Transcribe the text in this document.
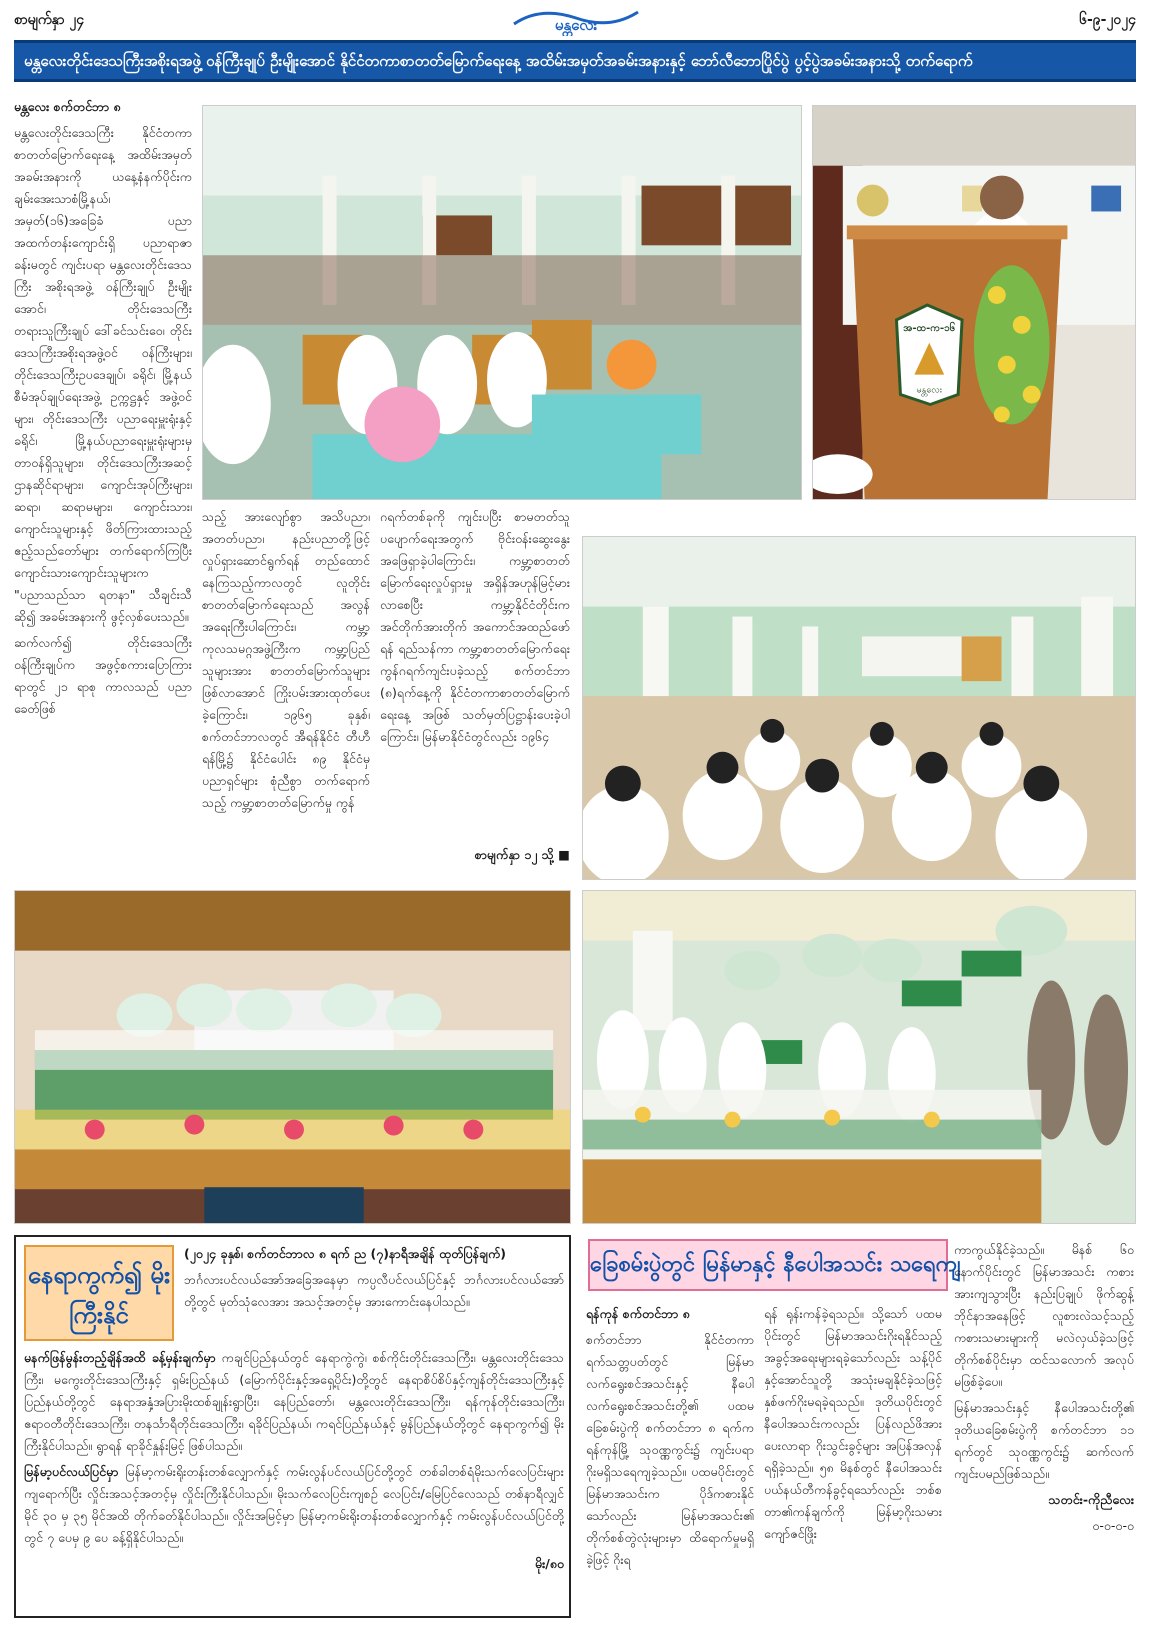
စာမျက်နှာ ၂၄	မန္တလေး	၆-၉-၂၀၂၄
မန္တလေးတိုင်းဒေသကြီးအစိုးရအဖွဲ့ ဝန်ကြီးချုပ် ဦးမျိုးအောင် နိုင်ငံတကာစာတတ်မြောက်ရေးနေ့ အထိမ်းအမှတ်အခမ်းအနားနှင့် ဘော်လီဘောပြိုင်ပွဲ ပွင့်ပွဲအခမ်းအနားသို့ တက်ရောက်

မန္တလေး စက်တင်ဘာ ၈

မန္တလေးတိုင်းဒေသကြီး နိုင်ငံတကာစာတတ်မြောက်ရေးနေ့ အထိမ်းအမှတ် အခမ်းအနားကို ယနေ့နံနက်ပိုင်းက ချမ်းအေးသာစံမြို့နယ်၊ အမှတ်(၁၆)အခြေခံ ပညာအထက်တန်းကျောင်းရှိ ပညာရာဇာခန်းမတွင် ကျင်းပရာ မန္တလေးတိုင်းဒေသကြီး အစိုးရအဖွဲ့ ဝန်ကြီးချုပ် ဦးမျိုးအောင်၊ တိုင်းဒေသကြီး တရားသူကြီးချုပ် ဒေါ်ခင်သင်းဝေ၊ တိုင်းဒေသကြီးအစိုးရအဖွဲ့ဝင် ဝန်ကြီးများ၊ တိုင်းဒေသကြီးဥပဒေချုပ်၊ ခရိုင်၊ မြို့နယ်စီမံအုပ်ချုပ်ရေးအဖွဲ့ ဥက္ကဋ္ဌနှင့် အဖွဲ့ဝင်များ၊ တိုင်းဒေသကြီး ပညာရေးမှူးရုံးနှင့် ခရိုင်၊ မြို့နယ်ပညာရေးမှူးရုံးများမှ တာဝန်ရှိသူများ၊ တိုင်းဒေသကြီးအဆင့် ဌာနဆိုင်ရာများ၊ ကျောင်းအုပ်ကြီးများ၊ ဆရာ၊ ဆရာမများ၊ ကျောင်းသား၊ ကျောင်းသူများနှင့် ဖိတ်ကြားထားသည့် ဧည့်သည်တော်များ တက်ရောက်ကြပြီး ကျောင်းသားကျောင်းသူများက "ပညာသည်သာ ရတနာ" သီချင်းသီဆို၍ အခမ်းအနားကို ဖွင့်လှစ်ပေးသည်။

ဆက်လက်၍ တိုင်းဒေသကြီး ဝန်ကြီးချုပ်က အဖွင့်စကားပြောကြားရာတွင် ၂၁ ရာစု ကာလသည် ပညာခေတ်ဖြစ်

သည့် အားလျော်စွာ အသိပညာ၊ အတတ်ပညာ၊ နည်းပညာတို့ဖြင့် လှုပ်ရှားဆောင်ရွက်ရန် တည်ထောင်နေကြသည့်ကာလတွင် လူတိုင်း စာတတ်မြောက်ရေးသည် အလွန်အရေးကြီးပါကြောင်း၊ ကမ္ဘာ့ကုလသမဂ္ဂအဖွဲ့ကြီးက ကမ္ဘာ့ပြည်သူများအား စာတတ်မြောက်သူများဖြစ်လာအောင် ကြိုးပမ်းအားထုတ်ပေးခဲ့ကြောင်း၊ ၁၉၆၅ ခုနှစ်၊ စက်တင်ဘာလတွင် အီရန်နိုင်ငံ တီဟီရန်မြို့၌ နိုင်ငံပေါင်း ၈၉ နိုင်ငံမှ ပညာရှင်များ စုံညီစွာ တက်ရောက်သည့် ကမ္ဘာ့စာတတ်မြောက်မှု ကွန်

ဂရက်တစ်ခုကို ကျင်းပပြီး စာမတတ်သူ ပပျောက်ရေးအတွက် ဗိုင်းဝန်းဆွေးနွေး အဖြေရှာခဲ့ပါကြောင်း၊ ကမ္ဘာ့စာတတ်မြောက်ရေးလှုပ်ရှားမှု အရှိန်အဟုန်မြင့်မားလာစေပြီး ကမ္ဘာ့နိုင်ငံတိုင်းက အင်တိုက်အားတိုက် အကောင်အထည်ဖော်ရန် ရည်သန်ကာ ကမ္ဘာ့စာတတ်မြောက်ရေး ကွန်ဂရက်ကျင်းပခဲ့သည့် စက်တင်ဘာ (၈)ရက်နေ့ကို နိုင်ငံတကာစာတတ်မြောက်ရေးနေ့ အဖြစ် သတ်မှတ်ပြဋ္ဌာန်းပေးခဲ့ပါကြောင်း၊ မြန်မာနိုင်ငံတွင်လည်း ၁၉၆၄

စာမျက်နှာ ၁၂ သို့ ■

အ-ထ-က-၁၆
မန္တလေး
နေရာကွက်၍ မိုးကြီးနိုင်

(၂၀၂၄ ခုနှစ်၊ စက်တင်ဘာလ ၈ ရက် ည (၇)နာရီအချိန် ထုတ်ပြန်ချက်)

ဘင်္ဂလားပင်လယ်အော်အခြေအနေမှာ ကပ္ပလီပင်လယ်ပြင်နှင့် ဘင်္ဂလားပင်လယ်အော်တို့တွင် မုတ်သုံလေအား အသင့်အတင့်မှ အားကောင်းနေပါသည်။

မနက်ဖြန်မွန်းတည့်ချိန်အထိ ခန့်မှန်းချက်မှာ ကချင်ပြည်နယ်တွင် နေရာကွဲကွဲ၊ စစ်ကိုင်းတိုင်းဒေသကြီး၊ မန္တလေးတိုင်းဒေသကြီး၊ မကွေးတိုင်းဒေသကြီးနှင့် ရှမ်းပြည်နယ် (မြောက်ပိုင်းနှင့်အရှေ့ပိုင်း)တို့တွင် နေရာစိပ်စိပ်နှင့်ကျန်တိုင်းဒေသကြီးနှင့်ပြည်နယ်တို့တွင် နေရာအနှံ့အပြားမိုးထစ်ချုန်းရွာပြီး၊ နေပြည်တော်၊ မန္တလေးတိုင်းဒေသကြီး၊ ရန်ကုန်တိုင်းဒေသကြီး၊ ဧရာဝတီတိုင်းဒေသကြီး၊ တနင်္သာရီတိုင်းဒေသကြီး၊ ရခိုင်ပြည်နယ်၊ ကရင်ပြည်နယ်နှင့် မွန်ပြည်နယ်တို့တွင် နေရာကွက်၍ မိုးကြီးနိုင်ပါသည်။ ရွာရန် ရာခိုင်နှုန်းမြင့် ဖြစ်ပါသည်။

မြန်မာ့ပင်လယ်ပြင်မှာ မြန်မာ့ကမ်းရိုးတန်းတစ်လျှောက်နှင့် ကမ်းလွန်ပင်လယ်ပြင်တို့တွင် တစ်ခါတစ်ရံမိုးသက်လေပြင်းများ ကျရောက်ပြီး လှိုင်းအသင့်အတင့်မှ လှိုင်းကြီးနိုင်ပါသည်။ မိုးသက်လေပြင်းကျစဉ် လေပြင်း/မြေပြင်လေသည် တစ်နာရီလျှင် မိုင် ၃၀ မှ ၃၅ မိုင်အထိ တိုက်ခတ်နိုင်ပါသည်။ လှိုင်းအမြင့်မှာ မြန်မာ့ကမ်းရိုးတန်းတစ်လျှောက်နှင့် ကမ်းလွန်ပင်လယ်ပြင်တို့တွင် ၇ ပေမှ ၉ ပေ ခန့်ရှိနိုင်ပါသည်။

မိုး/၈၀

ခြေစမ်းပွဲတွင် မြန်မာနှင့် နီပေါအသင်း သရေကျ

ရန်ကုန် စက်တင်ဘာ ၈

စက်တင်ဘာ နိုင်ငံတကာရက်သတ္တပတ်တွင် မြန်မာလက်ရွေးစင်အသင်းနှင့် နီပေါလက်ရွေးစင်အသင်းတို့၏ ပထမခြေစမ်းပွဲကို စက်တင်ဘာ ၈ ရက်က ရန်ကုန်မြို့ သုဝဏ္ဏကွင်း၌ ကျင်းပရာ ဂိုးမရှိသရေကျခဲ့သည်။ ပထမပိုင်းတွင် မြန်မာအသင်းက ပိုဒ်ကစားနိုင်သော်လည်း မြန်မာအသင်း၏ တိုက်စစ်တွဲလုံးများမှာ ထိရောက်မှုမရှိခဲ့ဖြင့် ဂိုးရ

ရန် ရုန်းကန်ခဲ့ရသည်။ သို့သော် ပထမပိုင်းတွင် မြန်မာအသင်းဂိုးရနိုင်သည့် အခွင့်အရေးများရခဲ့သော်လည်း သန့်ပိုင်နှင့်အောင်သူတို့ အသုံးမချနိုင်ခဲ့သဖြင့် နှစ်ဖက်ဂိုးမရခဲ့ရသည်။ ဒုတိယပိုင်းတွင် နီပေါအသင်းကလည်း ပြန်လည်ဖိအားပေးလာရာ ဂိုးသွင်းခွင့်များ အပြန်အလှန်ရရှိခဲ့သည်။ ၅၈ မိနစ်တွင် နီပေါအသင်း ပယ်နယ်တီကန်ခွင့်ရသော်လည်း ဘစ်စတာ၏ကန်ချက်ကို မြန်မာ့ဂိုးသမား ကျော်ဇင်ဖြိုး

ကာကွယ်နိုင်ခဲ့သည်။ မိနစ် ၆၀ နောက်ပိုင်းတွင် မြန်မာအသင်း ကစားအားကျသွားပြီး နည်းပြချုပ် ဖိုက်ဆွန့်ဘိုင်နာအနေဖြင့် လူစားလဲသင့်သည့် ကစားသမားများကို မလဲလှယ်ခဲ့သဖြင့် တိုက်စစ်ပိုင်းမှာ ထင်သလောက် အလုပ်မဖြစ်ခဲ့ပေ။

မြန်မာအသင်းနှင့် နီပေါအသင်းတို့၏ ဒုတိယခြေစမ်းပွဲကို စက်တင်ဘာ ၁၁ ရက်တွင် သုဝဏ္ဏကွင်း၌ ဆက်လက်ကျင်းပမည်ဖြစ်သည်။

သတင်း-ကိုညီလေး

၀-၀-၀-၀
